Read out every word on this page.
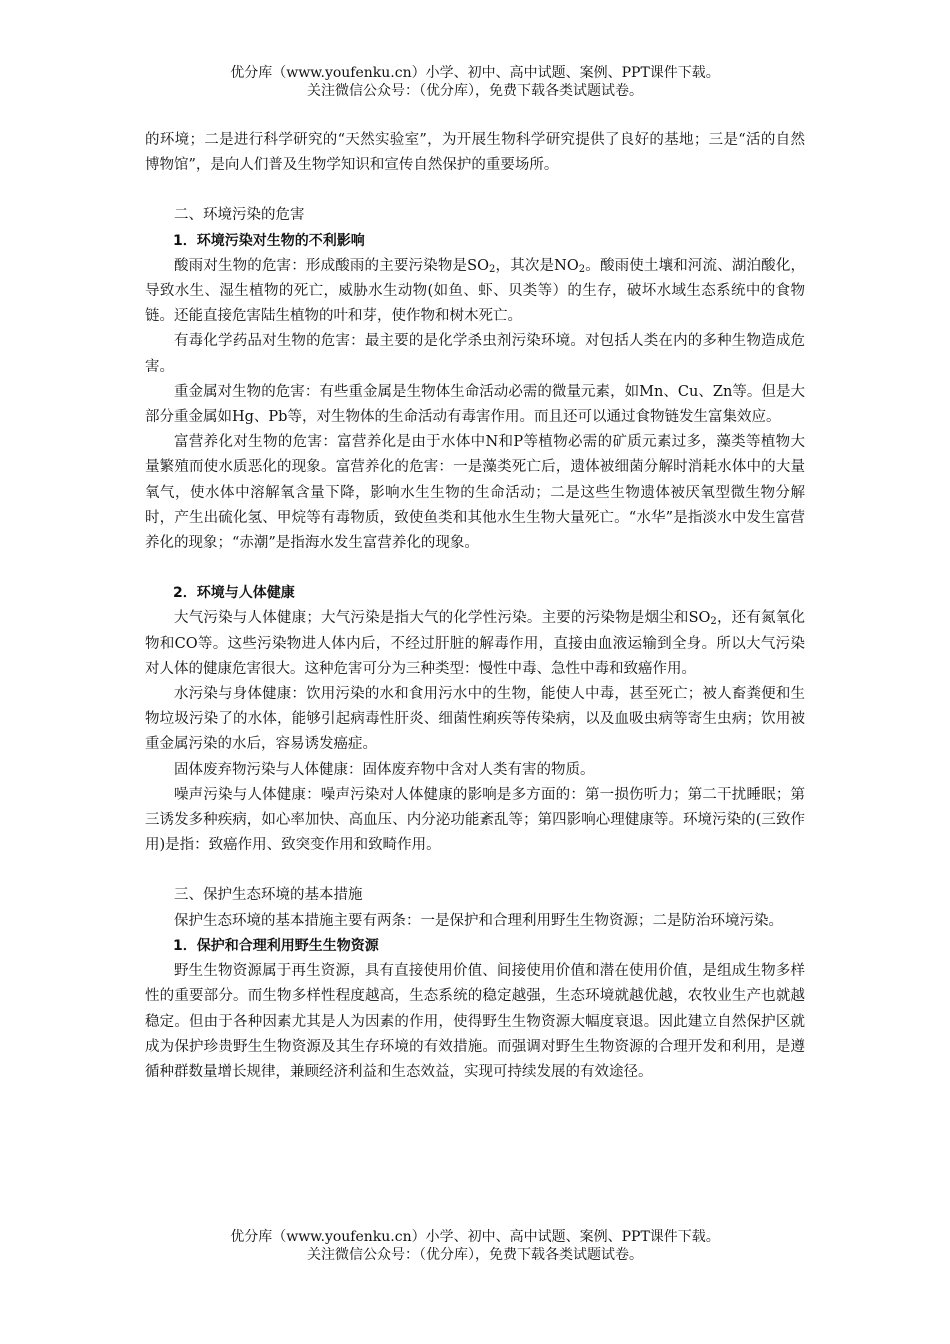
优分库（www.youfenku.cn）小学、初中、高中试题、案例、PPT课件下载。
关注微信公众号：（优分库），免费下载各类试题试卷。

的环境；二是进行科学研究的“天然实验室”，为开展生物科学研究提供了良好的基地；三是“活的自然博物馆”，是向人们普及生物学知识和宣传自然保护的重要场所。

二、环境污染的危害

1．环境污染对生物的不利影响

酸雨对生物的危害：形成酸雨的主要污染物是$SO_2$，其次是$NO_2$。酸雨使土壤和河流、湖泊酸化，导致水生、湿生植物的死亡，威胁水生动物(如鱼、虾、贝类等）的生存，破坏水域生态系统中的食物链。还能直接危害陆生植物的叶和芽，使作物和树木死亡。

有毒化学药品对生物的危害：最主要的是化学杀虫剂污染环境。对包括人类在内的多种生物造成危害。

重金属对生物的危害：有些重金属是生物体生命活动必需的微量元素，如Mn、Cu、Zn等。但是大部分重金属如Hg、Pb等，对生物体的生命活动有毒害作用。而且还可以通过食物链发生富集效应。

富营养化对生物的危害：富营养化是由于水体中N和P等植物必需的矿质元素过多，藻类等植物大量繁殖而使水质恶化的现象。富营养化的危害：一是藻类死亡后，遗体被细菌分解时消耗水体中的大量氧气，使水体中溶解氧含量下降，影响水生生物的生命活动；二是这些生物遗体被厌氧型微生物分解时，产生出硫化氢、甲烷等有毒物质，致使鱼类和其他水生生物大量死亡。“水华”是指淡水中发生富营养化的现象；“赤潮”是指海水发生富营养化的现象。

2．环境与人体健康

大气污染与人体健康；大气污染是指大气的化学性污染。主要的污染物是烟尘和$SO_2$，还有氮氧化物和CO等。这些污染物进人体内后，不经过肝脏的解毒作用，直接由血液运输到全身。所以大气污染对人体的健康危害很大。这种危害可分为三种类型：慢性中毒、急性中毒和致癌作用。

水污染与身体健康：饮用污染的水和食用污水中的生物，能使人中毒，甚至死亡；被人畜粪便和生物垃圾污染了的水体，能够引起病毒性肝炎、细菌性痢疾等传染病，以及血吸虫病等寄生虫病；饮用被重金属污染的水后，容易诱发癌症。

固体废弃物污染与人体健康：固体废弃物中含对人类有害的物质。

噪声污染与人体健康：噪声污染对人体健康的影响是多方面的：第一损伤听力；第二干扰睡眠；第三诱发多种疾病，如心率加快、高血压、内分泌功能紊乱等；第四影响心理健康等。环境污染的(三致作用)是指：致癌作用、致突变作用和致畸作用。

三、保护生态环境的基本措施

保护生态环境的基本措施主要有两条：一是保护和合理利用野生生物资源；二是防治环境污染。

1．保护和合理利用野生生物资源

野生生物资源属于再生资源，具有直接使用价值、间接使用价值和潜在使用价值，是组成生物多样性的重要部分。而生物多样性程度越高，生态系统的稳定越强，生态环境就越优越，农牧业生产也就越稳定。但由于各种因素尤其是人为因素的作用，使得野生生物资源大幅度衰退。因此建立自然保护区就成为保护珍贵野生生物资源及其生存环境的有效措施。而强调对野生生物资源的合理开发和利用，是遵循种群数量增长规律，兼顾经济利益和生态效益，实现可持续发展的有效途径。

优分库（www.youfenku.cn）小学、初中、高中试题、案例、PPT课件下载。
关注微信公众号：（优分库），免费下载各类试题试卷。
